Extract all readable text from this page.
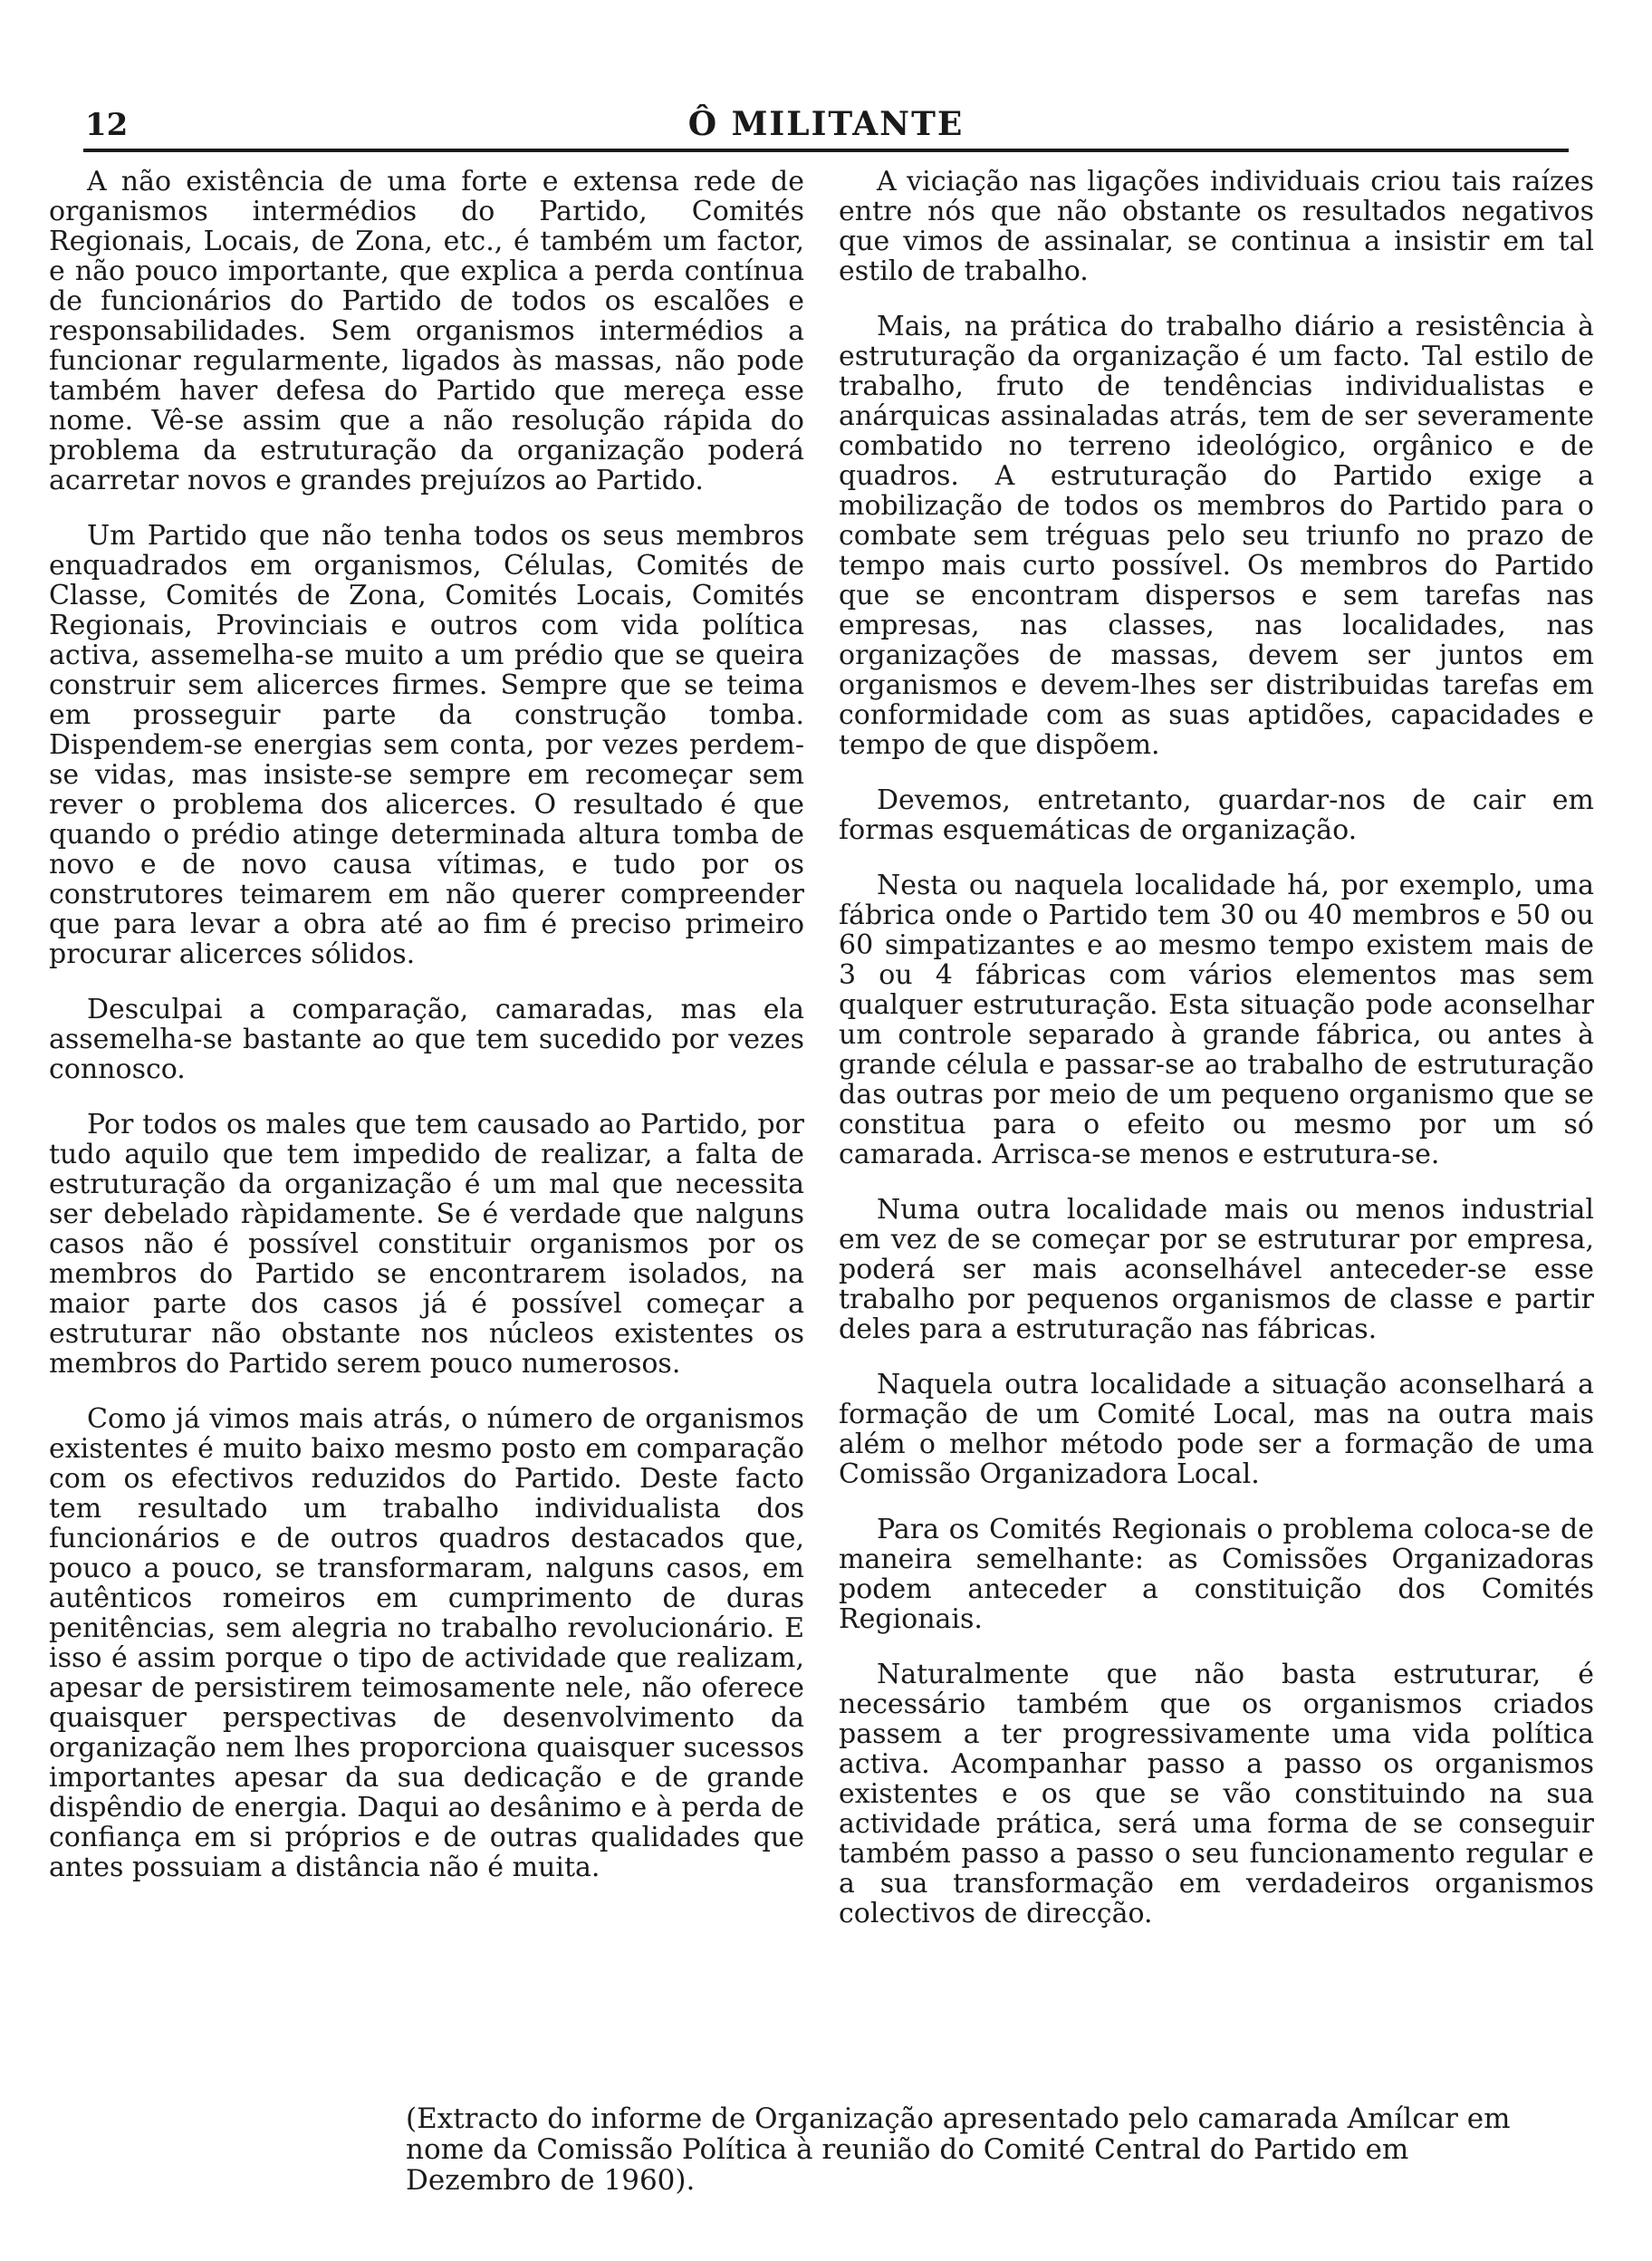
12	Ô MILITANTE

A não existência de uma forte e extensa rede de organismos intermédios do Partido, Comités Regionais, Locais, de Zona, etc., é também um factor, e não pouco importante, que explica a perda contínua de funcionários do Partido de todos os escalões e responsabilidades. Sem organismos intermédios a funcionar regularmente, ligados às massas, não pode também haver defesa do Partido que mereça esse nome. Vê-se assim que a não resolução rápida do problema da estruturação da organização poderá acarretar novos e grandes prejuízos ao Partido.

Um Partido que não tenha todos os seus membros enquadrados em organismos, Células, Comités de Classe, Comités de Zona, Comités Locais, Comités Regionais, Provinciais e outros com vida política activa, assemelha-se muito a um prédio que se queira construir sem alicerces firmes. Sempre que se teima em prosseguir parte da construção tomba. Dispendem-se energias sem conta, por vezes perdem-se vidas, mas insiste-se sempre em recomeçar sem rever o problema dos alicerces. O resultado é que quando o prédio atinge determinada altura tomba de novo e de novo causa vítimas, e tudo por os construtores teimarem em não querer compreender que para levar a obra até ao fim é preciso primeiro procurar alicerces sólidos.

Desculpai a comparação, camaradas, mas ela assemelha-se bastante ao que tem sucedido por vezes connosco.

Por todos os males que tem causado ao Partido, por tudo aquilo que tem impedido de realizar, a falta de estruturação da organização é um mal que necessita ser debelado ràpidamente. Se é verdade que nalguns casos não é possível constituir organismos por os membros do Partido se encontrarem isolados, na maior parte dos casos já é possível começar a estruturar não obstante nos núcleos existentes os membros do Partido serem pouco numerosos.

Como já vimos mais atrás, o número de organismos existentes é muito baixo mesmo posto em comparação com os efectivos reduzidos do Partido. Deste facto tem resultado um trabalho individualista dos funcionários e de outros quadros destacados que, pouco a pouco, se transformaram, nalguns casos, em autênticos romeiros em cumprimento de duras penitências, sem alegria no trabalho revolucionário. E isso é assim porque o tipo de actividade que realizam, apesar de persistirem teimosamente nele, não oferece quaisquer perspectivas de desenvolvimento da organização nem lhes proporciona quaisquer sucessos importantes apesar da sua dedicação e de grande dispêndio de energia. Daqui ao desânimo e à perda de confiança em si próprios e de outras qualidades que antes possuiam a distância não é muita.

A viciação nas ligações individuais criou tais raízes entre nós que não obstante os resultados negativos que vimos de assinalar, se continua a insistir em tal estilo de trabalho.

Mais, na prática do trabalho diário a resistência à estruturação da organização é um facto. Tal estilo de trabalho, fruto de tendências individualistas e anárquicas assinaladas atrás, tem de ser severamente combatido no terreno ideológico, orgânico e de quadros. A estruturação do Partido exige a mobilização de todos os membros do Partido para o combate sem tréguas pelo seu triunfo no prazo de tempo mais curto possível. Os membros do Partido que se encontram dispersos e sem tarefas nas empresas, nas classes, nas localidades, nas organizações de massas, devem ser juntos em organismos e devem-lhes ser distribuidas tarefas em conformidade com as suas aptidões, capacidades e tempo de que dispõem.

Devemos, entretanto, guardar-nos de cair em formas esquemáticas de organização.

Nesta ou naquela localidade há, por exemplo, uma fábrica onde o Partido tem 30 ou 40 membros e 50 ou 60 simpatizantes e ao mesmo tempo existem mais de 3 ou 4 fábricas com vários elementos mas sem qualquer estruturação. Esta situação pode aconselhar um controle separado à grande fábrica, ou antes à grande célula e passar-se ao trabalho de estruturação das outras por meio de um pequeno organismo que se constitua para o efeito ou mesmo por um só camarada. Arrisca-se menos e estrutura-se.

Numa outra localidade mais ou menos industrial em vez de se começar por se estruturar por empresa, poderá ser mais aconselhável anteceder-se esse trabalho por pequenos organismos de classe e partir deles para a estruturação nas fábricas.

Naquela outra localidade a situação aconselhará a formação de um Comité Local, mas na outra mais além o melhor método pode ser a formação de uma Comissão Organizadora Local.

Para os Comités Regionais o problema coloca-se de maneira semelhante: as Comissões Organizadoras podem anteceder a constituição dos Comités Regionais.

Naturalmente que não basta estruturar, é necessário também que os organismos criados passem a ter progressivamente uma vida política activa. Acompanhar passo a passo os organismos existentes e os que se vão constituindo na sua actividade prática, será uma forma de se conseguir também passo a passo o seu funcionamento regular e a sua transformação em verdadeiros organismos colectivos de direcção.

(Extracto do informe de Organização apresentado pelo camarada Amílcar em nome da Comissão Política à reunião do Comité Central do Partido em Dezembro de 1960).
